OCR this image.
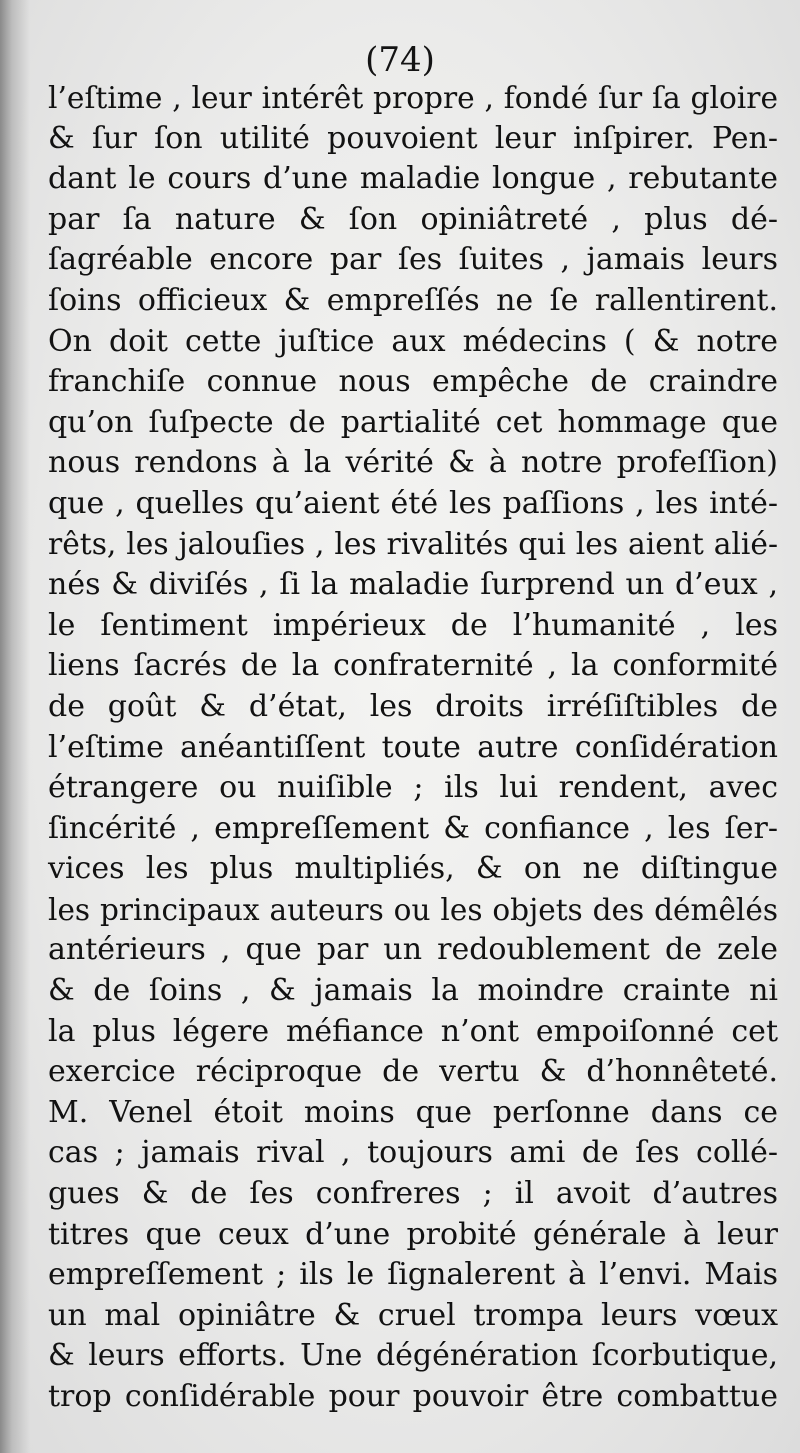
(74)

l’eſtime , leur intérêt propre , fondé ſur ſa gloire
& ſur ſon utilité pouvoient leur inſpirer. Pen-
dant le cours d’une maladie longue , rebutante
par ſa nature & ſon opiniâtreté , plus dé-
ſagréable encore par ſes ſuites , jamais leurs
ſoins officieux & empreſſés ne ſe rallentirent.
On doit cette juſtice aux médecins ( & notre
franchiſe connue nous empêche de craindre
qu’on ſuſpecte de partialité cet hommage que
nous rendons à la vérité & à notre profeſſion)
que , quelles qu’aient été les paſſions , les inté-
rêts, les jalouſies , les rivalités qui les aient alié-
nés & diviſés , ſi la maladie ſurprend un d’eux ,
le ſentiment impérieux de l’humanité , les
liens ſacrés de la confraternité , la conformité
de goût & d’état, les droits irréſiſtibles de
l’eſtime anéantiſſent toute autre conſidération
étrangere ou nuiſible ; ils lui rendent, avec
ſincérité , empreſſement & confiance , les ſer-
vices les plus multipliés, & on ne diſtingue
les principaux auteurs ou les objets des démêlés
antérieurs , que par un redoublement de zele
& de ſoins , & jamais la moindre crainte ni
la plus légere méfiance n’ont empoiſonné cet
exercice réciproque de vertu & d’honnêteté.
M. Venel étoit moins que perſonne dans ce
cas ; jamais rival , toujours ami de ſes collé-
gues & de ſes confreres ; il avoit d’autres
titres que ceux d’une probité générale à leur
empreſſement ; ils le ſignalerent à l’envi. Mais
un mal opiniâtre & cruel trompa leurs vœux
& leurs efforts. Une dégénération ſcorbutique,
trop conſidérable pour pouvoir être combattue
